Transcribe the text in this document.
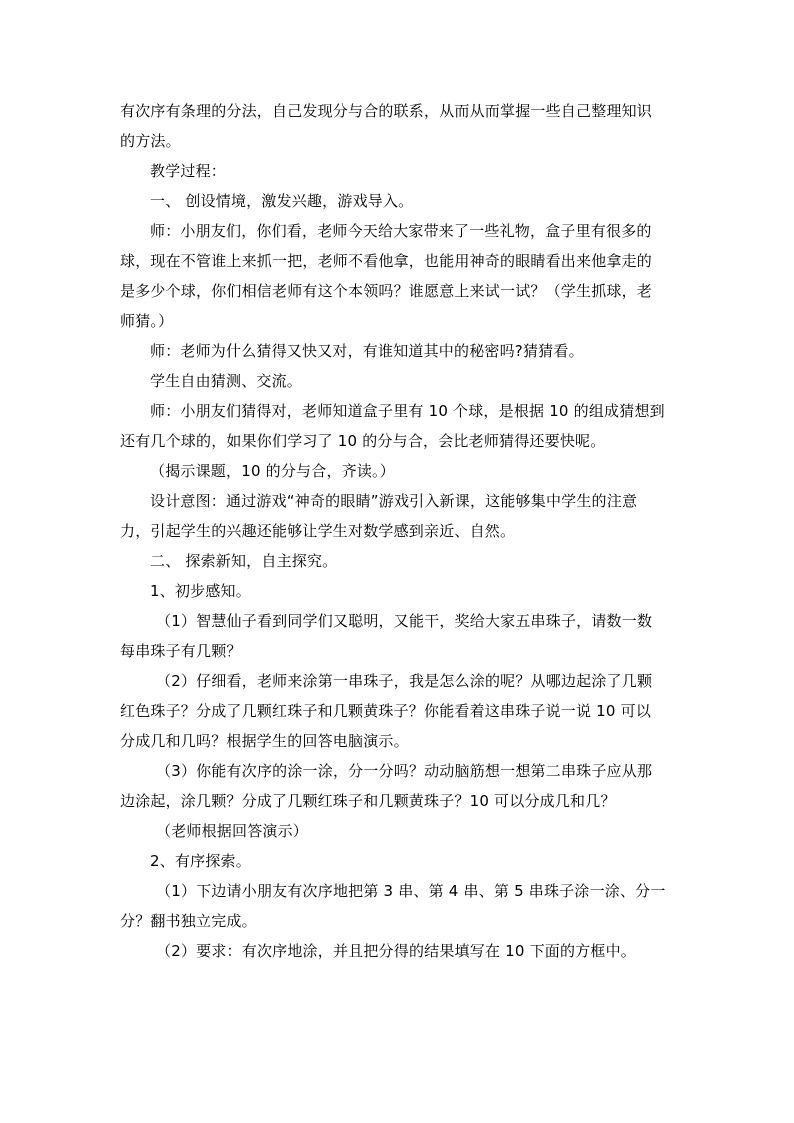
有次序有条理的分法，自己发现分与合的联系，从而从而掌握一些自己整理知识
的方法。
教学过程：
一、 创设情境，激发兴趣，游戏导入。
师：小朋友们，你们看，老师今天给大家带来了一些礼物，盒子里有很多的
球，现在不管谁上来抓一把，老师不看他拿，也能用神奇的眼睛看出来他拿走的
是多少个球，你们相信老师有这个本领吗？谁愿意上来试一试？（学生抓球，老
师猜。）
师：老师为什么猜得又快又对，有谁知道其中的秘密吗?猜猜看。
学生自由猜测、交流。
师：小朋友们猜得对，老师知道盒子里有 10 个球，是根据 10 的组成猜想到
还有几个球的，如果你们学习了 10 的分与合，会比老师猜得还要快呢。
（揭示课题，10 的分与合，齐读。）
设计意图：通过游戏“神奇的眼睛”游戏引入新课，这能够集中学生的注意
力，引起学生的兴趣还能够让学生对数学感到亲近、自然。
二、 探索新知，自主探究。
1、初步感知。
（1）智慧仙子看到同学们又聪明，又能干，奖给大家五串珠子，请数一数
每串珠子有几颗？
（2）仔细看，老师来涂第一串珠子，我是怎么涂的呢？从哪边起涂了几颗
红色珠子？分成了几颗红珠子和几颗黄珠子？你能看着这串珠子说一说 10 可以
分成几和几吗？根据学生的回答电脑演示。
（3）你能有次序的涂一涂，分一分吗？动动脑筋想一想第二串珠子应从那
边涂起，涂几颗？分成了几颗红珠子和几颗黄珠子？10 可以分成几和几？
（老师根据回答演示）
2、有序探索。
（1）下边请小朋友有次序地把第 3 串、第 4 串、第 5 串珠子涂一涂、分一
分？翻书独立完成。
（2）要求：有次序地涂，并且把分得的结果填写在 10 下面的方框中。
